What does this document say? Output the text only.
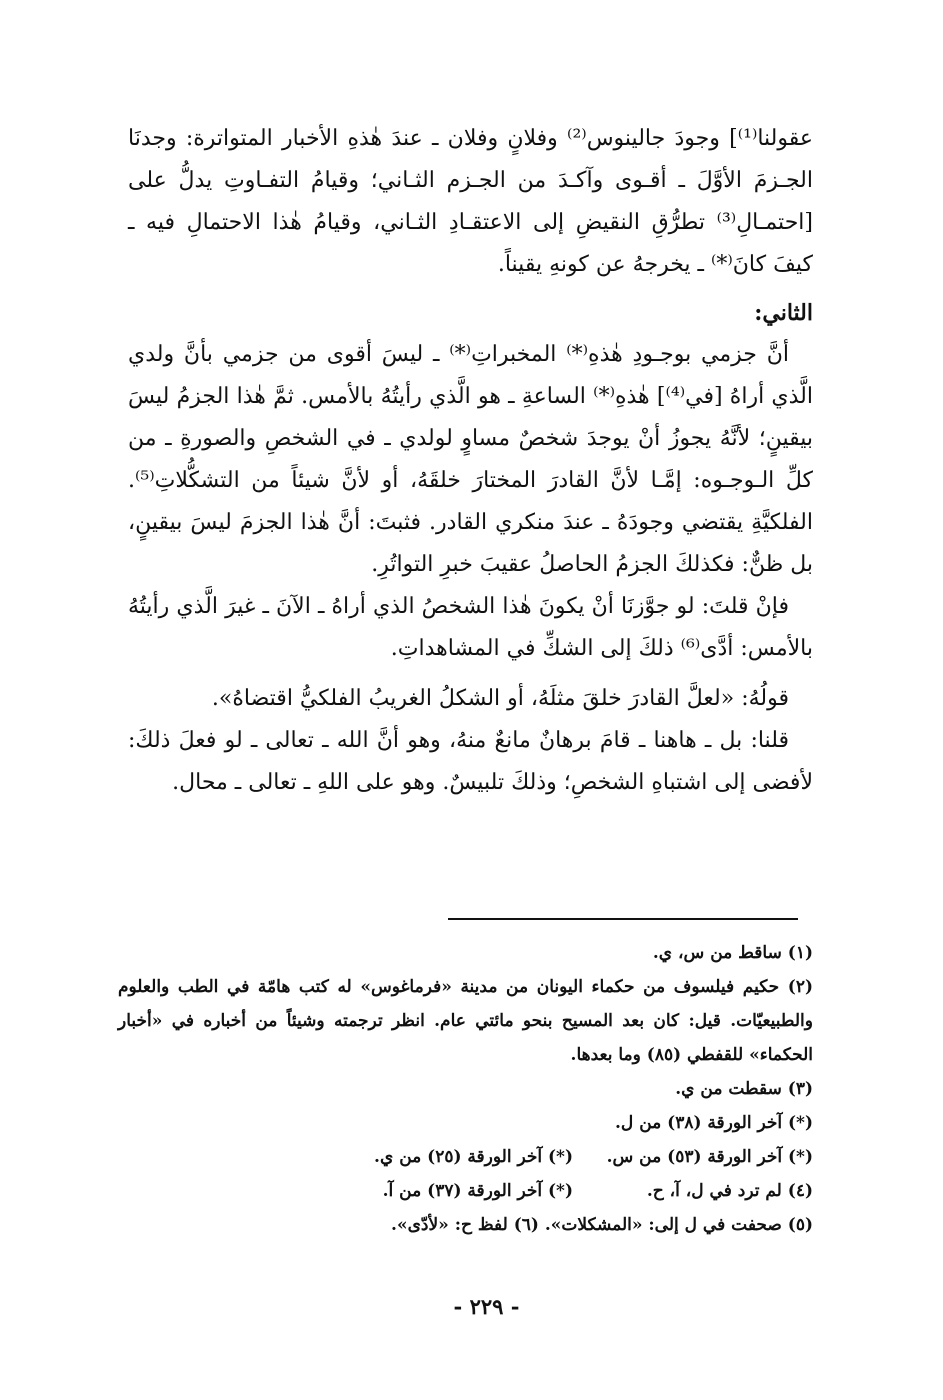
عقولنا⁽¹⁾] وجودَ جالينوس⁽²⁾ وفلانٍ وفلان ـ عندَ هٰذهِ الأخبار المتواترة: وجدنَا الجـزمَ الأوَّلَ ـ أقـوى وآكـدَ من الجـزم الثـاني؛ وقيامُ التفـاوتِ يدلُّ على [احتمـالِ⁽³⁾ تطرُّقِ النقيضِ إلى الاعتقـادِ الثـاني، وقيامُ هٰذا الاحتمالِ فيه ـ كيفَ كانَ⁽*⁾ ـ يخرجهُ عن كونهِ يقيناً.

الثاني:

أنَّ جزمي بوجـودِ هٰذهِ⁽*⁾ المخبراتِ⁽*⁾ ـ ليسَ أقوى من جزمي بأنَّ ولدي الَّذي أراهُ [في⁽⁴⁾] هٰذهِ⁽*⁾ الساعةِ ـ هو الَّذي رأيتُهُ بالأمس. ثمَّ هٰذا الجزمُ ليسَ بيقينٍ؛ لأنَّهُ يجوزُ أنْ يوجدَ شخصٌ مساوٍ لولدي ـ في الشخصِ والصورةِ ـ من كلِّ الـوجـوه: إمَّـا لأنَّ القادرَ المختارَ خلقَهُ، أو لأنَّ شيئاً من التشكُّلاتِ⁽⁵⁾. الفلكيَّةِ يقتضي وجودَهُ ـ عندَ منكري القادر. فثبتَ: أنَّ هٰذا الجزمَ ليسَ بيقينٍ، بل ظنٌّ: فكذلكَ الجزمُ الحاصلُ عقيبَ خبرِ التواتُرِ.

فإنْ قلتَ: لو جوَّزنَا أنْ يكونَ هٰذا الشخصُ الذي أراهُ ـ الآنَ ـ غيرَ الَّذي رأيتُهُ بالأمس: أدَّى⁽⁶⁾ ذلكَ إلى الشكِّ في المشاهداتِ.

قولُهُ: «لعلَّ القادرَ خلقَ مثلَهُ، أو الشكلُ الغريبُ الفلكيُّ اقتضاهُ».

قلنا: بل ـ هاهنا ـ قامَ برهانٌ مانعٌ منهُ، وهو أنَّ الله ـ تعالى ـ لو فعلَ ذلكَ: لأفضى إلى اشتباهِ الشخصِ؛ وذلكَ تلبيسٌ. وهو على اللهِ ـ تعالى ـ محال.

(١) ساقط من س، ي.

(٢) حكيم فيلسوف من حكماء اليونان من مدينة «فرماغوس» له كتب هامّة في الطب والعلوم والطبيعيّات. قيل: كان بعد المسيح بنحو مائتي عام. انظر ترجمته وشيئاً من أخباره في «أخبار الحكماء» للقفطي (٨٥) وما بعدها.

(٣) سقطت من ي.

(*) آخر الورقة (٣٨) من ل.

(*) آخر الورقة (٥٣) من س.
(*) آخر الورقة (٢٥) من ي.
(٤) لم ترد في ل، آ، ح.
(*) آخر الورقة (٣٧) من آ.

(٥) صحفت في ل إلى: «المشكلات». (٦) لفظ ح: «لأدّى».

- ٢٢٩ -
